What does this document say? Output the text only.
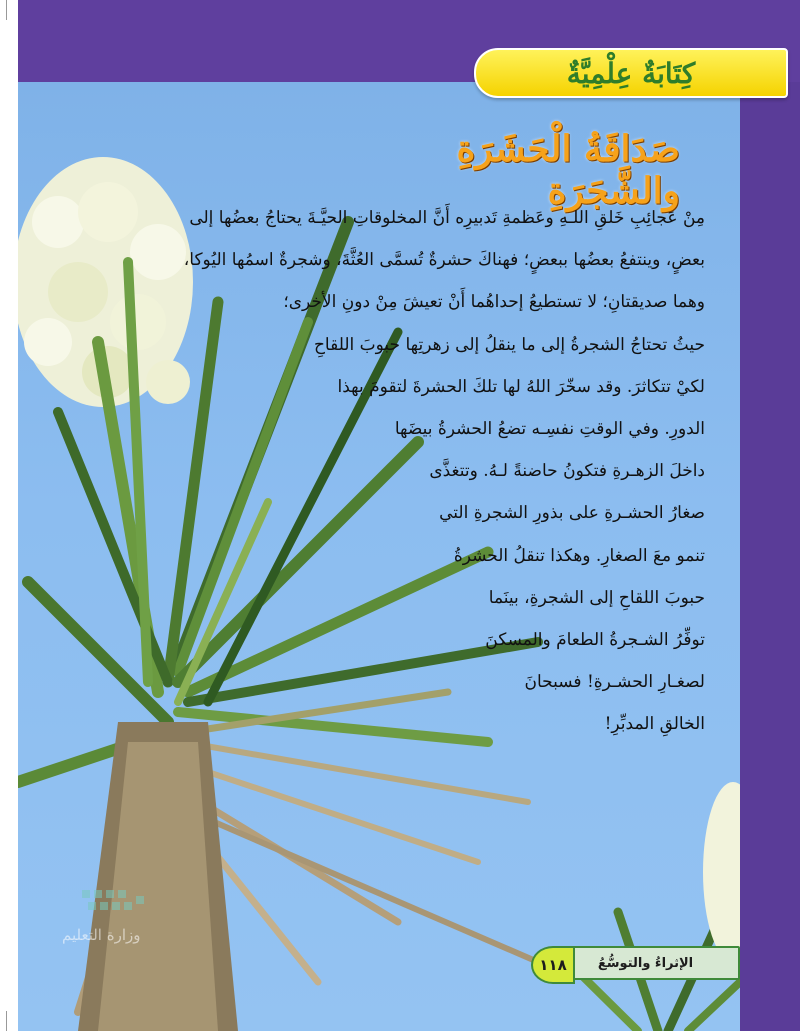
كِتَابَةٌ عِلْمِيَّةٌ
صَدَاقَةُ الْحَشَرَةِ والشَّجَرَةِ
مِنْ عَجائِبِ خَلقِ اللـهِ وعَظمةِ تَدبيرِه أَنَّ المخلوقاتِ الحيَّـةَ يحتاجُ بعضُها إلى
بعضٍ، وينتفعُ بعضُها ببعضٍ؛ فهناكَ حشرةٌ تُسمَّى العُثَّةَ، وشجرةٌ اسمُها اليُوكا،
وهما صديقتانِ؛ لا تستطيعُ إحداهُما أَنْ تعيشَ مِنْ دونِ الأخرى؛
حيثُ تحتاجُ الشجرةُ إلى ما ينقلُ إلى زهرتِها حبوبَ اللقاحِ
لكيْ تتكاثرَ. وقد سخّرَ اللهُ لها تلكَ الحشرةَ لتقومَ بهذا
الدورِ. وفي الوقتِ نفسِـه تضعُ الحشرةُ بيضَها
داخلَ الزهـرةِ فتكونُ حاضنةً لـهُ. وتتغذَّى
صغارُ الحشـرةِ على بذورِ الشجرةِ التي
تنمو معَ الصغارِ. وهكذا تنقلُ الحشرةُ
حبوبَ اللقاحِ إلى الشجرةِ، بينَما
توفِّرُ الشـجرةُ الطعامَ والمسكنَ
لصغـارِ الحشـرةِ! فسبحانَ
الخالقِ المدبِّرِ!
وزارة التعليم
الإثراءُ والتوسُّعُ
١١٨
